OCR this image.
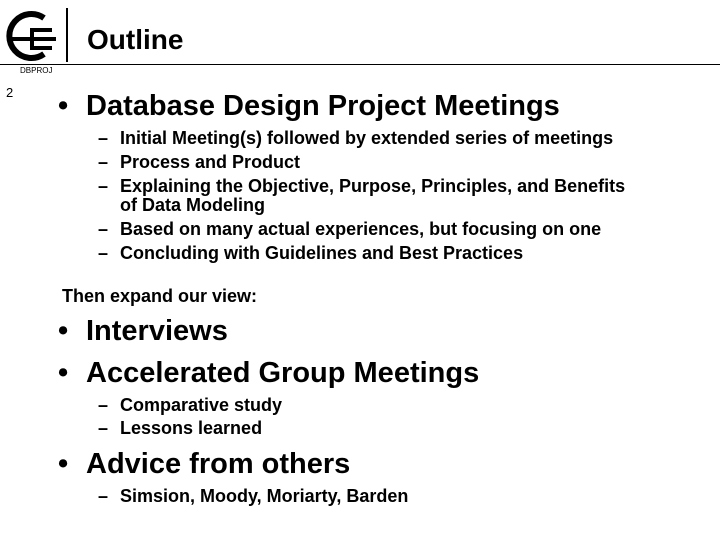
Outline
DBPROJ
2 • Database Design Project Meetings
– Initial Meeting(s) followed by extended series of meetings
– Process and Product
– Explaining the Objective, Purpose, Principles, and Benefits
of Data Modeling
– Based on many actual experiences, but focusing on one
– Concluding with Guidelines and Best Practices
Then expand our view:
• Interviews
• Accelerated Group Meetings
– Comparative study
– Lessons learned
• Advice from others
– Simsion, Moody, Moriarty, Barden
